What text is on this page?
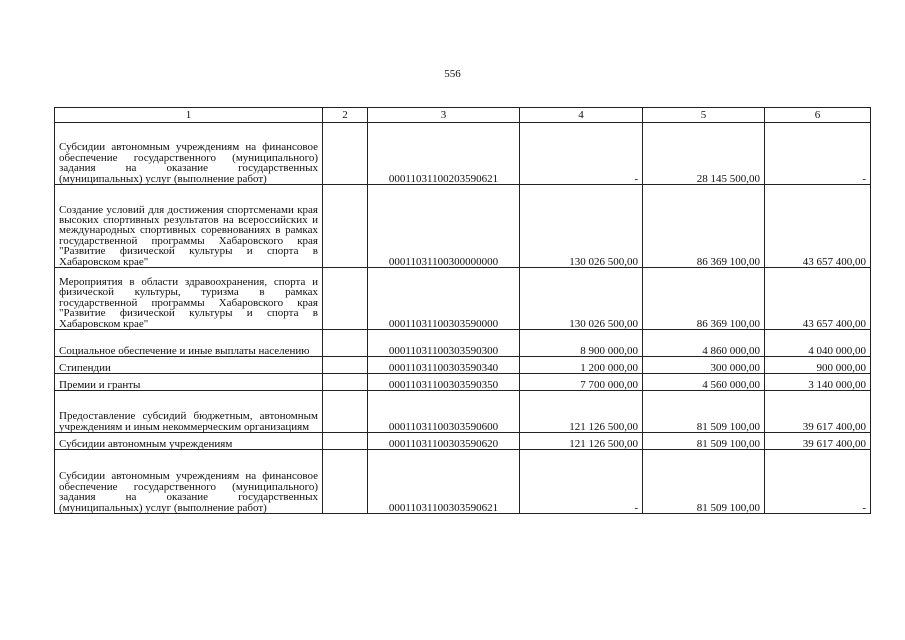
556
1	2	3	4	5	6
Субсидии автономным учреждениям на финансовое обеспечение государственного (муниципального) задания на оказание государственных (муниципальных) услуг (выполнение работ)		00011031100203590621	-	28 145 500,00	-
Создание условий для достижения спортсменами края высоких спортивных результатов на всероссийских и международных спортивных соревнованиях в рамках государственной программы Хабаровского края "Развитие физической культуры и спорта в Хабаровском крае"		00011031100300000000	130 026 500,00	86 369 100,00	43 657 400,00
Мероприятия в области здравоохранения, спорта и физической культуры, туризма в рамках государственной программы Хабаровского края "Развитие физической культуры и спорта в Хабаровском крае"		00011031100303590000	130 026 500,00	86 369 100,00	43 657 400,00
Социальное обеспечение и иные выплаты населению		00011031100303590300	8 900 000,00	4 860 000,00	4 040 000,00
Стипендии		00011031100303590340	1 200 000,00	300 000,00	900 000,00
Премии и гранты		00011031100303590350	7 700 000,00	4 560 000,00	3 140 000,00
Предоставление субсидий бюджетным, автономным учреждениям и иным некоммерческим организациям		00011031100303590600	121 126 500,00	81 509 100,00	39 617 400,00
Субсидии автономным учреждениям		00011031100303590620	121 126 500,00	81 509 100,00	39 617 400,00
Субсидии автономным учреждениям на финансовое обеспечение государственного (муниципального) задания на оказание государственных (муниципальных) услуг (выполнение работ)		00011031100303590621	-	81 509 100,00	-
